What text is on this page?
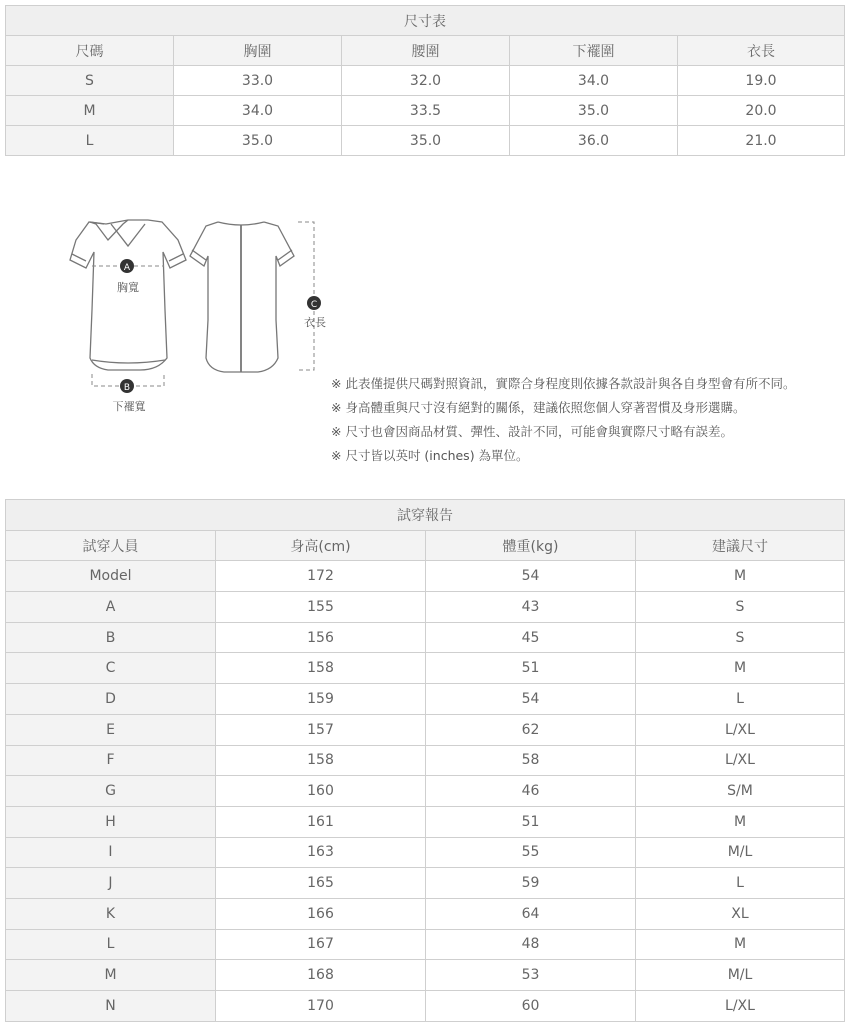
尺寸表				
尺碼	胸圍	腰圍	下襬圍	衣長
S	33.0	32.0	34.0	19.0
M	34.0	33.5	35.0	20.0
L	35.0	35.0	36.0	21.0
A
胸寬
B
下襬寬
C
衣長
※ 此表僅提供尺碼對照資訊，實際合身程度則依據各款設計與各自身型會有所不同。
※ 身高體重與尺寸沒有絕對的關係，建議依照您個人穿著習慣及身形選購。
※ 尺寸也會因商品材質、彈性、設計不同，可能會與實際尺寸略有誤差。
※ 尺寸皆以英吋 (inches) 為單位。
試穿報告			
試穿人員	身高(cm)	體重(kg)	建議尺寸
Model	172	54	M
A	155	43	S
B	156	45	S
C	158	51	M
D	159	54	L
E	157	62	L/XL
F	158	58	L/XL
G	160	46	S/M
H	161	51	M
I	163	55	M/L
J	165	59	L
K	166	64	XL
L	167	48	M
M	168	53	M/L
N	170	60	L/XL
